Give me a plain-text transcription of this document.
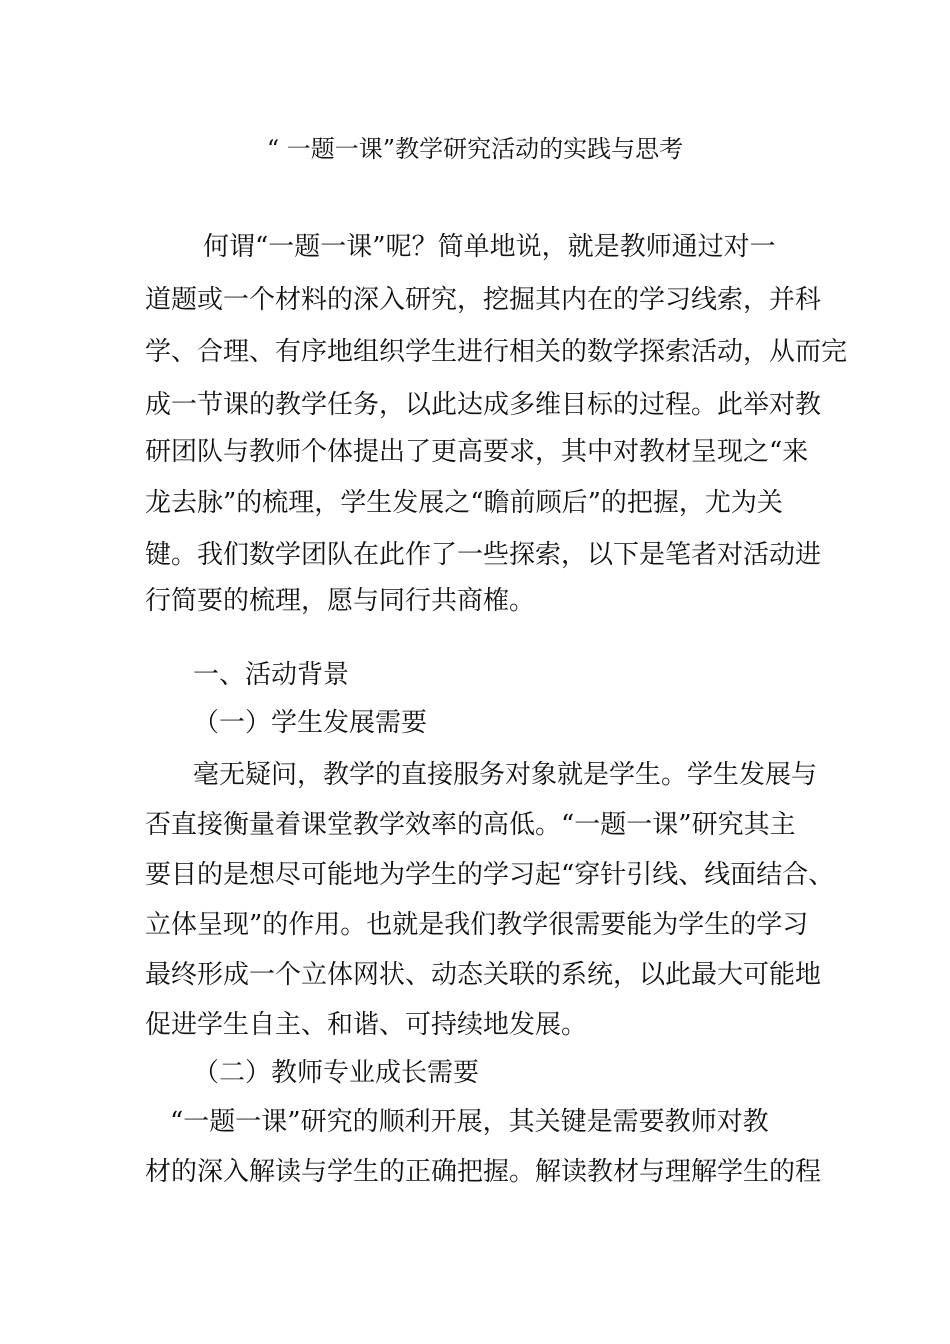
“ 一题一课”教学研究活动的实践与思考
何谓“一题一课”呢？简单地说，就是教师通过对一
道题或一个材料的深入研究，挖掘其内在的学习线索，并科
学、合理、有序地组织学生进行相关的数学探索活动，从而完
成一节课的教学任务，以此达成多维目标的过程。此举对教
研团队与教师个体提出了更高要求，其中对教材呈现之“来
龙去脉”的梳理，学生发展之“瞻前顾后”的把握，尤为关
键。我们数学团队在此作了一些探索，以下是笔者对活动进
行简要的梳理，愿与同行共商榷。
一、活动背景
（一）学生发展需要
毫无疑问，教学的直接服务对象就是学生。学生发展与
否直接衡量着课堂教学效率的高低。“一题一课”研究其主
要目的是想尽可能地为学生的学习起“穿针引线、线面结合、
立体呈现”的作用。也就是我们教学很需要能为学生的学习
最终形成一个立体网状、动态关联的系统，以此最大可能地
促进学生自主、和谐、可持续地发展。
（二）教师专业成长需要
“一题一课”研究的顺利开展，其关键是需要教师对教
材的深入解读与学生的正确把握。解读教材与理解学生的程
